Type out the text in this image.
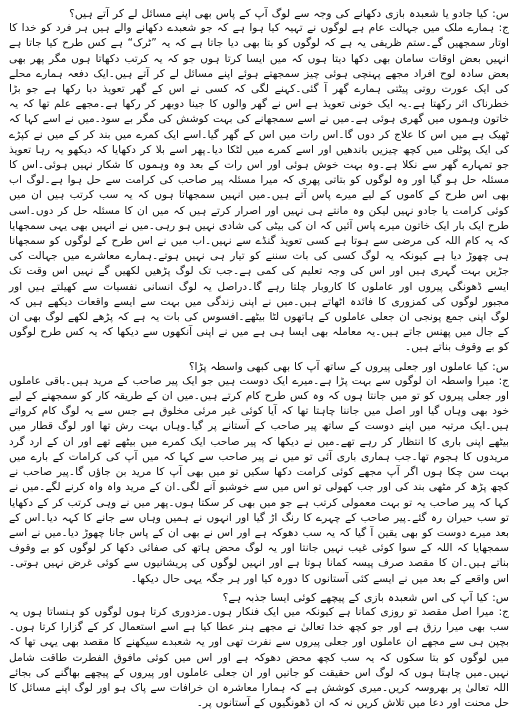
س: کیا جادو یا شعبدہ بازی دکھانے کی وجہ سے لوگ آپ کے پاس بھی اپنے مسائل لے کر آتے ہیں؟

ج: ہمارے ملک میں جہالت عام ہے لوگوں نے تہیہ کیا ہوا ہے کہ جو شعبدے دکھانے والے ہیں ہر فرد کو خدا کا اوتار سمجھیں گے۔ستم ظریفی یہ ہے کہ لوگوں کو بتا بھی دیا جاتا ہے کہ یہ ”ٹرک“ ہے کس طرح کیا جاتا ہے انہیں بعض اوقات سامان بھی دکھا دیتا ہوں کہ میں ایسا کرتا ہوں جو کہ یہ کرتب دکھاتا ہوں مگر پھر بھی بعض سادہ لوح افراد مجھے پہنچی ہوئی چیز سمجھتے ہوئے اپنے مسائل لے کر آتے ہیں۔ایک دفعہ ہمارے محلے کی ایک عورت روتی پیٹتی ہمارے گھر آ گئی۔کہنے لگی کہ کسی نے اس کے گھر تعویذ دبا رکھا ہے جو بڑا خطرناک اثر رکھتا ہے۔یہ ایک خونی تعویذ ہے اس نے گھر والوں کا جینا دوبھر کر رکھا ہے۔مجھے علم تھا کہ یہ خاتون وہموں میں گھری ہوئی ہے۔میں نے اسے سمجھانے کی بہت کوشش کی مگر بے سود۔میں نے اسے کہا کہ ٹھیک ہے میں اس کا علاج کر دوں گا۔اس رات میں اس کے گھر گیا۔اسے ایک کمرے میں بند کر کے میں نے کپڑے کی ایک پوٹلی میں کچھ چیزیں باندھیں اور اسے کمرے میں لٹکا دیا۔پھر اسے بلا کر دکھایا کہ دیکھو یہ رہا تعویذ جو تمہارے گھر سے نکلا ہے۔وہ بہت خوش ہوئی اور اس رات کے بعد وہ وہموں کا شکار نہیں ہوئی۔اس کا مسئلہ حل ہو گیا اور وہ لوگوں کو بتاتی پھری کہ میرا مسئلہ پیر صاحب کی کرامت سے حل ہوا ہے۔لوگ اب بھی اس طرح کے کاموں کے لیے میرے پاس آتے ہیں۔میں انہیں سمجھاتا ہوں کہ یہ سب کرتب ہیں ان میں کوئی کرامت یا جادو نہیں لیکن وہ مانتے ہی نہیں اور اصرار کرتے ہیں کہ میں ان کا مسئلہ حل کر دوں۔اسی طرح ایک بار ایک خاتون میرے پاس آئیں کہ ان کی بیٹی کی شادی نہیں ہو رہی۔میں نے انہیں بھی یہی سمجھایا کہ یہ کام اللہ کی مرضی سے ہوتا ہے کسی تعویذ گنڈے سے نہیں۔اب میں نے اس طرح کے لوگوں کو سمجھانا ہی چھوڑ دیا ہے کیونکہ یہ لوگ کسی کی بات سننے کو تیار ہی نہیں ہوتے۔ہمارے معاشرے میں جہالت کی جڑیں بہت گہری ہیں اور اس کی وجہ تعلیم کی کمی ہے۔جب تک لوگ پڑھیں لکھیں گے نہیں اس وقت تک ایسے ڈھونگی پیروں اور عاملوں کا کاروبار چلتا رہے گا۔دراصل یہ لوگ انسانی نفسیات سے کھیلتے ہیں اور مجبور لوگوں کی کمزوری کا فائدہ اٹھاتے ہیں۔میں نے اپنی زندگی میں بہت سے ایسے واقعات دیکھے ہیں کہ لوگ اپنی جمع پونجی ان جعلی عاملوں کے ہاتھوں لٹا بیٹھے۔افسوس کی بات یہ ہے کہ پڑھے لکھے لوگ بھی ان کے جال میں پھنس جاتے ہیں۔یہ معاملہ بھی ایسا ہی ہے میں نے اپنی آنکھوں سے دیکھا کہ یہ کس طرح لوگوں کو بے وقوف بناتے ہیں۔

س: کیا عاملوں اور جعلی پیروں کے ساتھ آپ کا بھی کبھی واسطہ پڑا؟

ج: میرا واسطہ ان لوگوں سے بہت پڑا ہے۔میرے ایک دوست ہیں جو ایک پیر صاحب کے مرید ہیں۔باقی عاملوں اور جعلی پیروں کو تو میں جانتا ہوں کہ وہ کس طرح کام کرتے ہیں۔میں ان کے طریقہ کار کو سمجھنے کے لیے خود بھی وہاں گیا اور اصل میں جاننا چاہتا تھا کہ آیا کوئی غیر مرئی مخلوق ہے جس سے یہ لوگ کام کرواتے ہیں۔ایک مرتبہ میں اپنے دوست کے ساتھ پیر صاحب کے آستانے پر گیا۔وہاں بہت رش تھا اور لوگ قطار میں بیٹھے اپنی باری کا انتظار کر رہے تھے۔میں نے دیکھا کہ پیر صاحب ایک کمرے میں بیٹھے تھے اور ان کے ارد گرد مریدوں کا ہجوم تھا۔جب ہماری باری آئی تو میں نے پیر صاحب سے کہا کہ میں آپ کی کرامات کے بارے میں بہت سن چکا ہوں اگر آپ مجھے کوئی کرامت دکھا سکیں تو میں بھی آپ کا مرید بن جاؤں گا۔پیر صاحب نے کچھ پڑھ کر مٹھی بند کی اور جب کھولی تو اس میں سے خوشبو آنے لگی۔ان کے مرید واہ واہ کرنے لگے۔میں نے کہا کہ پیر صاحب یہ تو بہت معمولی کرتب ہے جو میں بھی کر سکتا ہوں۔پھر میں نے وہی کرتب کر کے دکھایا تو سب حیران رہ گئے۔پیر صاحب کے چہرے کا رنگ اڑ گیا اور انہوں نے ہمیں وہاں سے جانے کا کہہ دیا۔اس کے بعد میرے دوست کو بھی یقین آ گیا کہ یہ سب دھوکہ ہے اور اس نے بھی ان کے پاس جانا چھوڑ دیا۔میں نے اسے سمجھایا کہ اللہ کے سوا کوئی غیب نہیں جانتا اور یہ لوگ محض ہاتھ کی صفائی دکھا کر لوگوں کو بے وقوف بناتے ہیں۔ان کا مقصد صرف پیسہ کمانا ہوتا ہے اور انہیں لوگوں کی پریشانیوں سے کوئی غرض نہیں ہوتی۔اس واقعے کے بعد میں نے ایسے کئی آستانوں کا دورہ کیا اور ہر جگہ یہی حال دیکھا۔

س: کیا آپ کی اس شعبدہ بازی کے پیچھے کوئی ایسا جذبہ ہے؟

ج: میرا اصل مقصد تو روزی کمانا ہے کیونکہ میں ایک فنکار ہوں۔مزدوری کرتا ہوں لوگوں کو ہنساتا ہوں یہ سب بھی میرا رزق ہے اور جو کچھ خدا تعالیٰ نے مجھے ہنر عطا کیا ہے اسے استعمال کر کے گزارا کرتا ہوں۔بچپن ہی سے مجھے ان عاملوں اور جعلی پیروں سے نفرت تھی اور یہ شعبدے سیکھنے کا مقصد بھی یہی تھا کہ میں لوگوں کو بتا سکوں کہ یہ سب کچھ محض دھوکہ ہے اور اس میں کوئی مافوق الفطرت طاقت شامل نہیں۔میں چاہتا ہوں کہ لوگ اس حقیقت کو جانیں اور ان جعلی عاملوں اور پیروں کے پیچھے بھاگنے کی بجائے اللہ تعالیٰ پر بھروسہ کریں۔میری کوشش ہے کہ ہمارا معاشرہ ان خرافات سے پاک ہو اور لوگ اپنے مسائل کا حل محنت اور دعا میں تلاش کریں نہ کہ ان ڈھونگیوں کے آستانوں پر۔
